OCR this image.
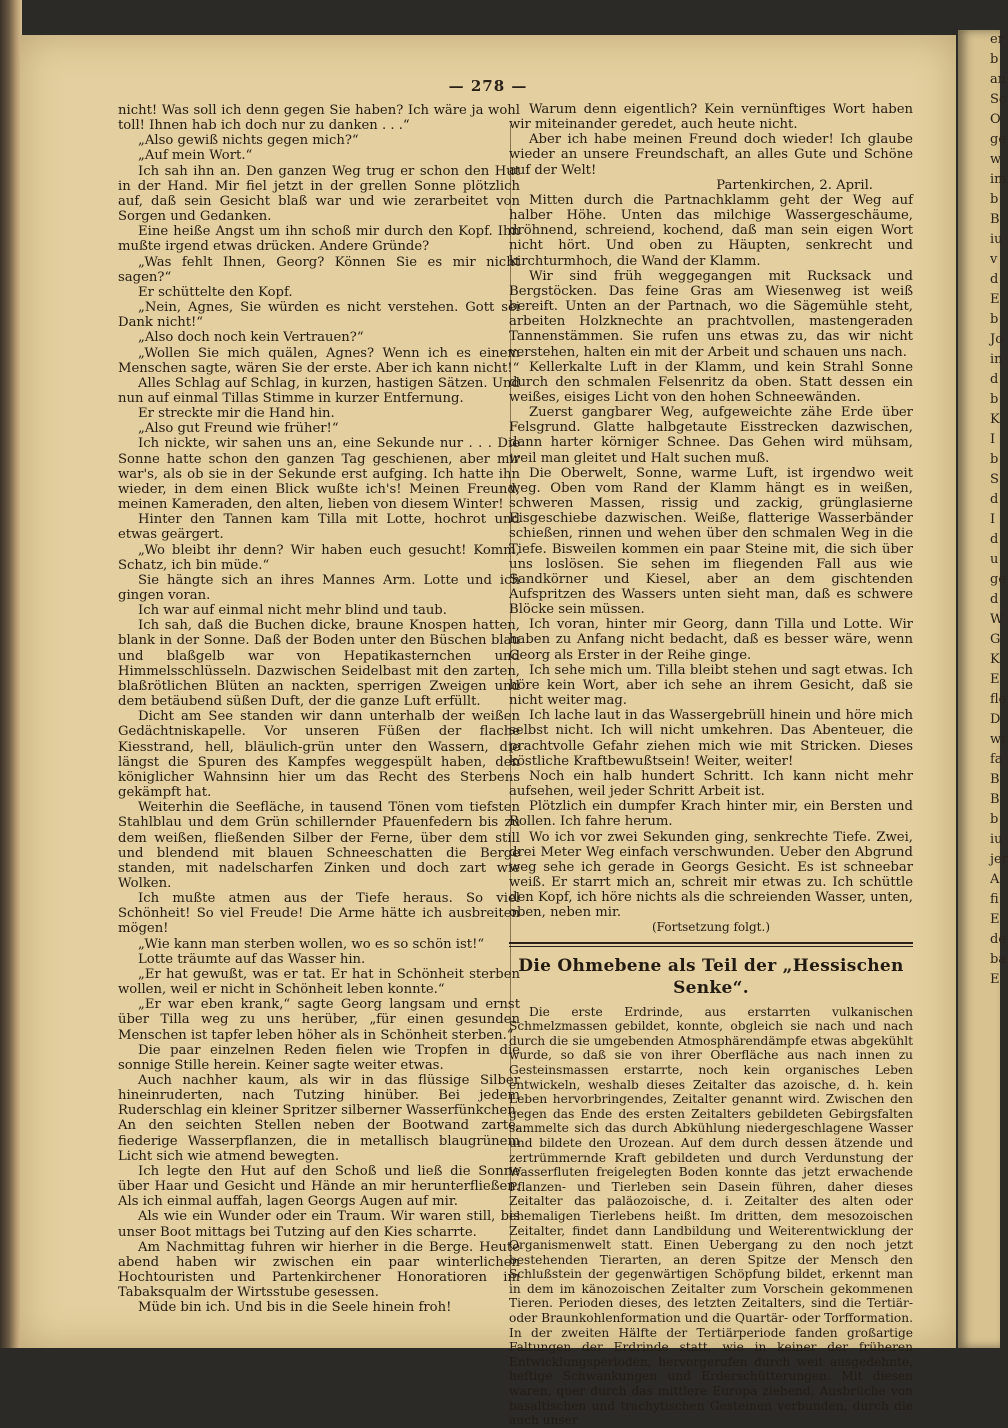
er
b
an
Sc
O
ge
w
im
b
B
iu
v
d
E
b
Jo
in
d
b
K
I
b
S
d
I
d
u
ge
d
W
G
K
E
fle
D
wi
fa
B
B
b
iu
jer
A
fi
E
de
ba
E
— 278 —

nicht! Was soll ich denn gegen Sie haben? Ich wäre ja wohl toll! Ihnen hab ich doch nur zu danken . . .“

„Also gewiß nichts gegen mich?“

„Auf mein Wort.“

Ich sah ihn an. Den ganzen Weg trug er schon den Hut in der Hand. Mir fiel jetzt in der grellen Sonne plötzlich auf, daß sein Gesicht blaß war und wie zerarbeitet von Sorgen und Gedanken.

Eine heiße Angst um ihn schoß mir durch den Kopf. Ihn mußte irgend etwas drücken. Andere Gründe?

„Was fehlt Ihnen, Georg? Können Sie es mir nicht sagen?“

Er schüttelte den Kopf.

„Nein, Agnes, Sie würden es nicht verstehen. Gott sei Dank nicht!“

„Also doch noch kein Vertrauen?“

„Wollen Sie mich quälen, Agnes? Wenn ich es einem Menschen sagte, wären Sie der erste. Aber ich kann nicht!“

Alles Schlag auf Schlag, in kurzen, hastigen Sätzen. Und nun auf einmal Tillas Stimme in kurzer Entfernung.

Er streckte mir die Hand hin.

„Also gut Freund wie früher!“

Ich nickte, wir sahen uns an, eine Sekunde nur . . . Die Sonne hatte schon den ganzen Tag geschienen, aber mir war's, als ob sie in der Sekunde erst aufging. Ich hatte ihn wieder, in dem einen Blick wußte ich's! Meinen Freund, meinen Kameraden, den alten, lieben von diesem Winter!

Hinter den Tannen kam Tilla mit Lotte, hochrot und etwas geärgert.

„Wo bleibt ihr denn? Wir haben euch gesucht! Komm, Schatz, ich bin müde.“

Sie hängte sich an ihres Mannes Arm. Lotte und ich gingen voran.

Ich war auf einmal nicht mehr blind und taub.

Ich sah, daß die Buchen dicke, braune Knospen hatten, blank in der Sonne. Daß der Boden unter den Büschen blau und blaßgelb war von Hepatikasternchen und Himmelsschlüsseln. Dazwischen Seidelbast mit den zarten, blaßrötlichen Blüten an nackten, sperrigen Zweigen und dem betäubend süßen Duft, der die ganze Luft erfüllt.

Dicht am See standen wir dann unterhalb der weißen Gedächtniskapelle. Vor unseren Füßen der flache Kiesstrand, hell, bläulich-grün unter den Wassern, die längst die Spuren des Kampfes weggespült haben, den königlicher Wahnsinn hier um das Recht des Sterbens gekämpft hat.

Weiterhin die Seefläche, in tausend Tönen vom tiefsten Stahlblau und dem Grün schillernder Pfauenfedern bis zu dem weißen, fließenden Silber der Ferne, über dem still und blendend mit blauen Schneeschatten die Berge standen, mit nadelscharfen Zinken und doch zart wie Wolken.

Ich mußte atmen aus der Tiefe heraus. So viel Schönheit! So viel Freude! Die Arme hätte ich ausbreiten mögen!

„Wie kann man sterben wollen, wo es so schön ist!“

Lotte träumte auf das Wasser hin.

„Er hat gewußt, was er tat. Er hat in Schönheit sterben wollen, weil er nicht in Schönheit leben konnte.“

„Er war eben krank,“ sagte Georg langsam und ernst über Tilla weg zu uns herüber, „für einen gesunden Menschen ist tapfer leben höher als in Schönheit sterben.“

Die paar einzelnen Reden fielen wie Tropfen in die sonnige Stille herein. Keiner sagte weiter etwas.

Auch nachher kaum, als wir in das flüssige Silber hineinruderten, nach Tutzing hinüber. Bei jedem Ruderschlag ein kleiner Spritzer silberner Wasserfünkchen. An den seichten Stellen neben der Bootwand zarte, fiederige Wasserpflanzen, die in metallisch blaugrünem Licht sich wie atmend bewegten.

Ich legte den Hut auf den Schoß und ließ die Sonne über Haar und Gesicht und Hände an mir herunterfließen. Als ich einmal auffah, lagen Georgs Augen auf mir.

Als wie ein Wunder oder ein Traum. Wir waren still, bis unser Boot mittags bei Tutzing auf den Kies scharrte.

Am Nachmittag fuhren wir hierher in die Berge. Heute abend haben wir zwischen ein paar winterlichen Hochtouristen und Partenkirchener Honoratioren im Tabaksqualm der Wirtsstube gesessen.

Müde bin ich. Und bis in die Seele hinein froh!

Warum denn eigentlich? Kein vernünftiges Wort haben wir miteinander geredet, auch heute nicht.

Aber ich habe meinen Freund doch wieder! Ich glaube wieder an unsere Freundschaft, an alles Gute und Schöne auf der Welt!

Partenkirchen, 2. April.

Mitten durch die Partnachklamm geht der Weg auf halber Höhe. Unten das milchige Wassergeschäume, dröhnend, schreiend, kochend, daß man sein eigen Wort nicht hört. Und oben zu Häupten, senkrecht und kirchturmhoch, die Wand der Klamm.

Wir sind früh weggegangen mit Rucksack und Bergstöcken. Das feine Gras am Wiesenweg ist weiß bereift. Unten an der Partnach, wo die Sägemühle steht, arbeiten Holzknechte an prachtvollen, mastengeraden Tannenstämmen. Sie rufen uns etwas zu, das wir nicht verstehen, halten ein mit der Arbeit und schauen uns nach.

Kellerkalte Luft in der Klamm, und kein Strahl Sonne durch den schmalen Felsenritz da oben. Statt dessen ein weißes, eisiges Licht von den hohen Schneewänden.

Zuerst gangbarer Weg, aufgeweichte zähe Erde über Felsgrund. Glatte halbgetaute Eisstrecken dazwischen, dann harter körniger Schnee. Das Gehen wird mühsam, weil man gleitet und Halt suchen muß.

Die Oberwelt, Sonne, warme Luft, ist irgendwo weit weg. Oben vom Rand der Klamm hängt es in weißen, schweren Massen, rissig und zackig, grünglasierne Eisgeschiebe dazwischen. Weiße, flatterige Wasserbänder schießen, rinnen und wehen über den schmalen Weg in die Tiefe. Bisweilen kommen ein paar Steine mit, die sich über uns loslösen. Sie sehen im fliegenden Fall aus wie Sandkörner und Kiesel, aber an dem gischtenden Aufspritzen des Wassers unten sieht man, daß es schwere Blöcke sein müssen.

Ich voran, hinter mir Georg, dann Tilla und Lotte. Wir haben zu Anfang nicht bedacht, daß es besser wäre, wenn Georg als Erster in der Reihe ginge.

Ich sehe mich um. Tilla bleibt stehen und sagt etwas. Ich höre kein Wort, aber ich sehe an ihrem Gesicht, daß sie nicht weiter mag.

Ich lache laut in das Wassergebrüll hinein und höre mich selbst nicht. Ich will nicht umkehren. Das Abenteuer, die prachtvolle Gefahr ziehen mich wie mit Stricken. Dieses köstliche Kraftbewußtsein! Weiter, weiter!

Noch ein halb hundert Schritt. Ich kann nicht mehr aufsehen, weil jeder Schritt Arbeit ist.

Plötzlich ein dumpfer Krach hinter mir, ein Bersten und Rollen. Ich fahre herum.

Wo ich vor zwei Sekunden ging, senkrechte Tiefe. Zwei, drei Meter Weg einfach verschwunden. Ueber den Abgrund weg sehe ich gerade in Georgs Gesicht. Es ist schneebar weiß. Er starrt mich an, schreit mir etwas zu. Ich schüttle den Kopf, ich höre nichts als die schreienden Wasser, unten, oben, neben mir.

(Fortsetzung folgt.)

Die Ohmebene als Teil der „Hessischen Senke“.

Die erste Erdrinde, aus erstarrten vulkanischen Schmelzmassen gebildet, konnte, obgleich sie nach und nach durch die sie umgebenden Atmosphärendämpfe etwas abgekühlt wurde, so daß sie von ihrer Oberfläche aus nach innen zu Gesteinsmassen erstarrte, noch kein organisches Leben entwickeln, weshalb dieses Zeitalter das azoische, d. h. kein Leben hervorbringendes, Zeitalter genannt wird. Zwischen den gegen das Ende des ersten Zeitalters gebildeten Gebirgsfalten sammelte sich das durch Abkühlung niedergeschlagene Wasser und bildete den Urozean. Auf dem durch dessen ätzende und zertrümmernde Kraft gebildeten und durch Verdunstung der Wasserfluten freigelegten Boden konnte das jetzt erwachende Pflanzen- und Tierleben sein Dasein führen, daher dieses Zeitalter das paläozoische, d. i. Zeitalter des alten oder ehemaligen Tierlebens heißt. Im dritten, dem mesozoischen Zeitalter, findet dann Landbildung und Weiterentwicklung der Organismenwelt statt. Einen Uebergang zu den noch jetzt bestehenden Tierarten, an deren Spitze der Mensch den Schlußstein der gegenwärtigen Schöpfung bildet, erkennt man in dem im känozoischen Zeitalter zum Vorschein gekommenen Tieren. Perioden dieses, des letzten Zeitalters, sind die Tertiär- oder Braunkohlenformation und die Quartär- oder Torfformation. In der zweiten Hälfte der Tertiärperiode fanden großartige Faltungen der Erdrinde statt, wie in keiner der früheren Entwicklungsperioden, hervorgerufen durch weit ausgedehnte, heftige Schwankungen und Erderschütterungen. Mit diesen waren, quer durch das mittlere Europa ziehend, Ausbrüche von basaltischen und trachytischen Gesteinen verbunden, durch die auch unser
